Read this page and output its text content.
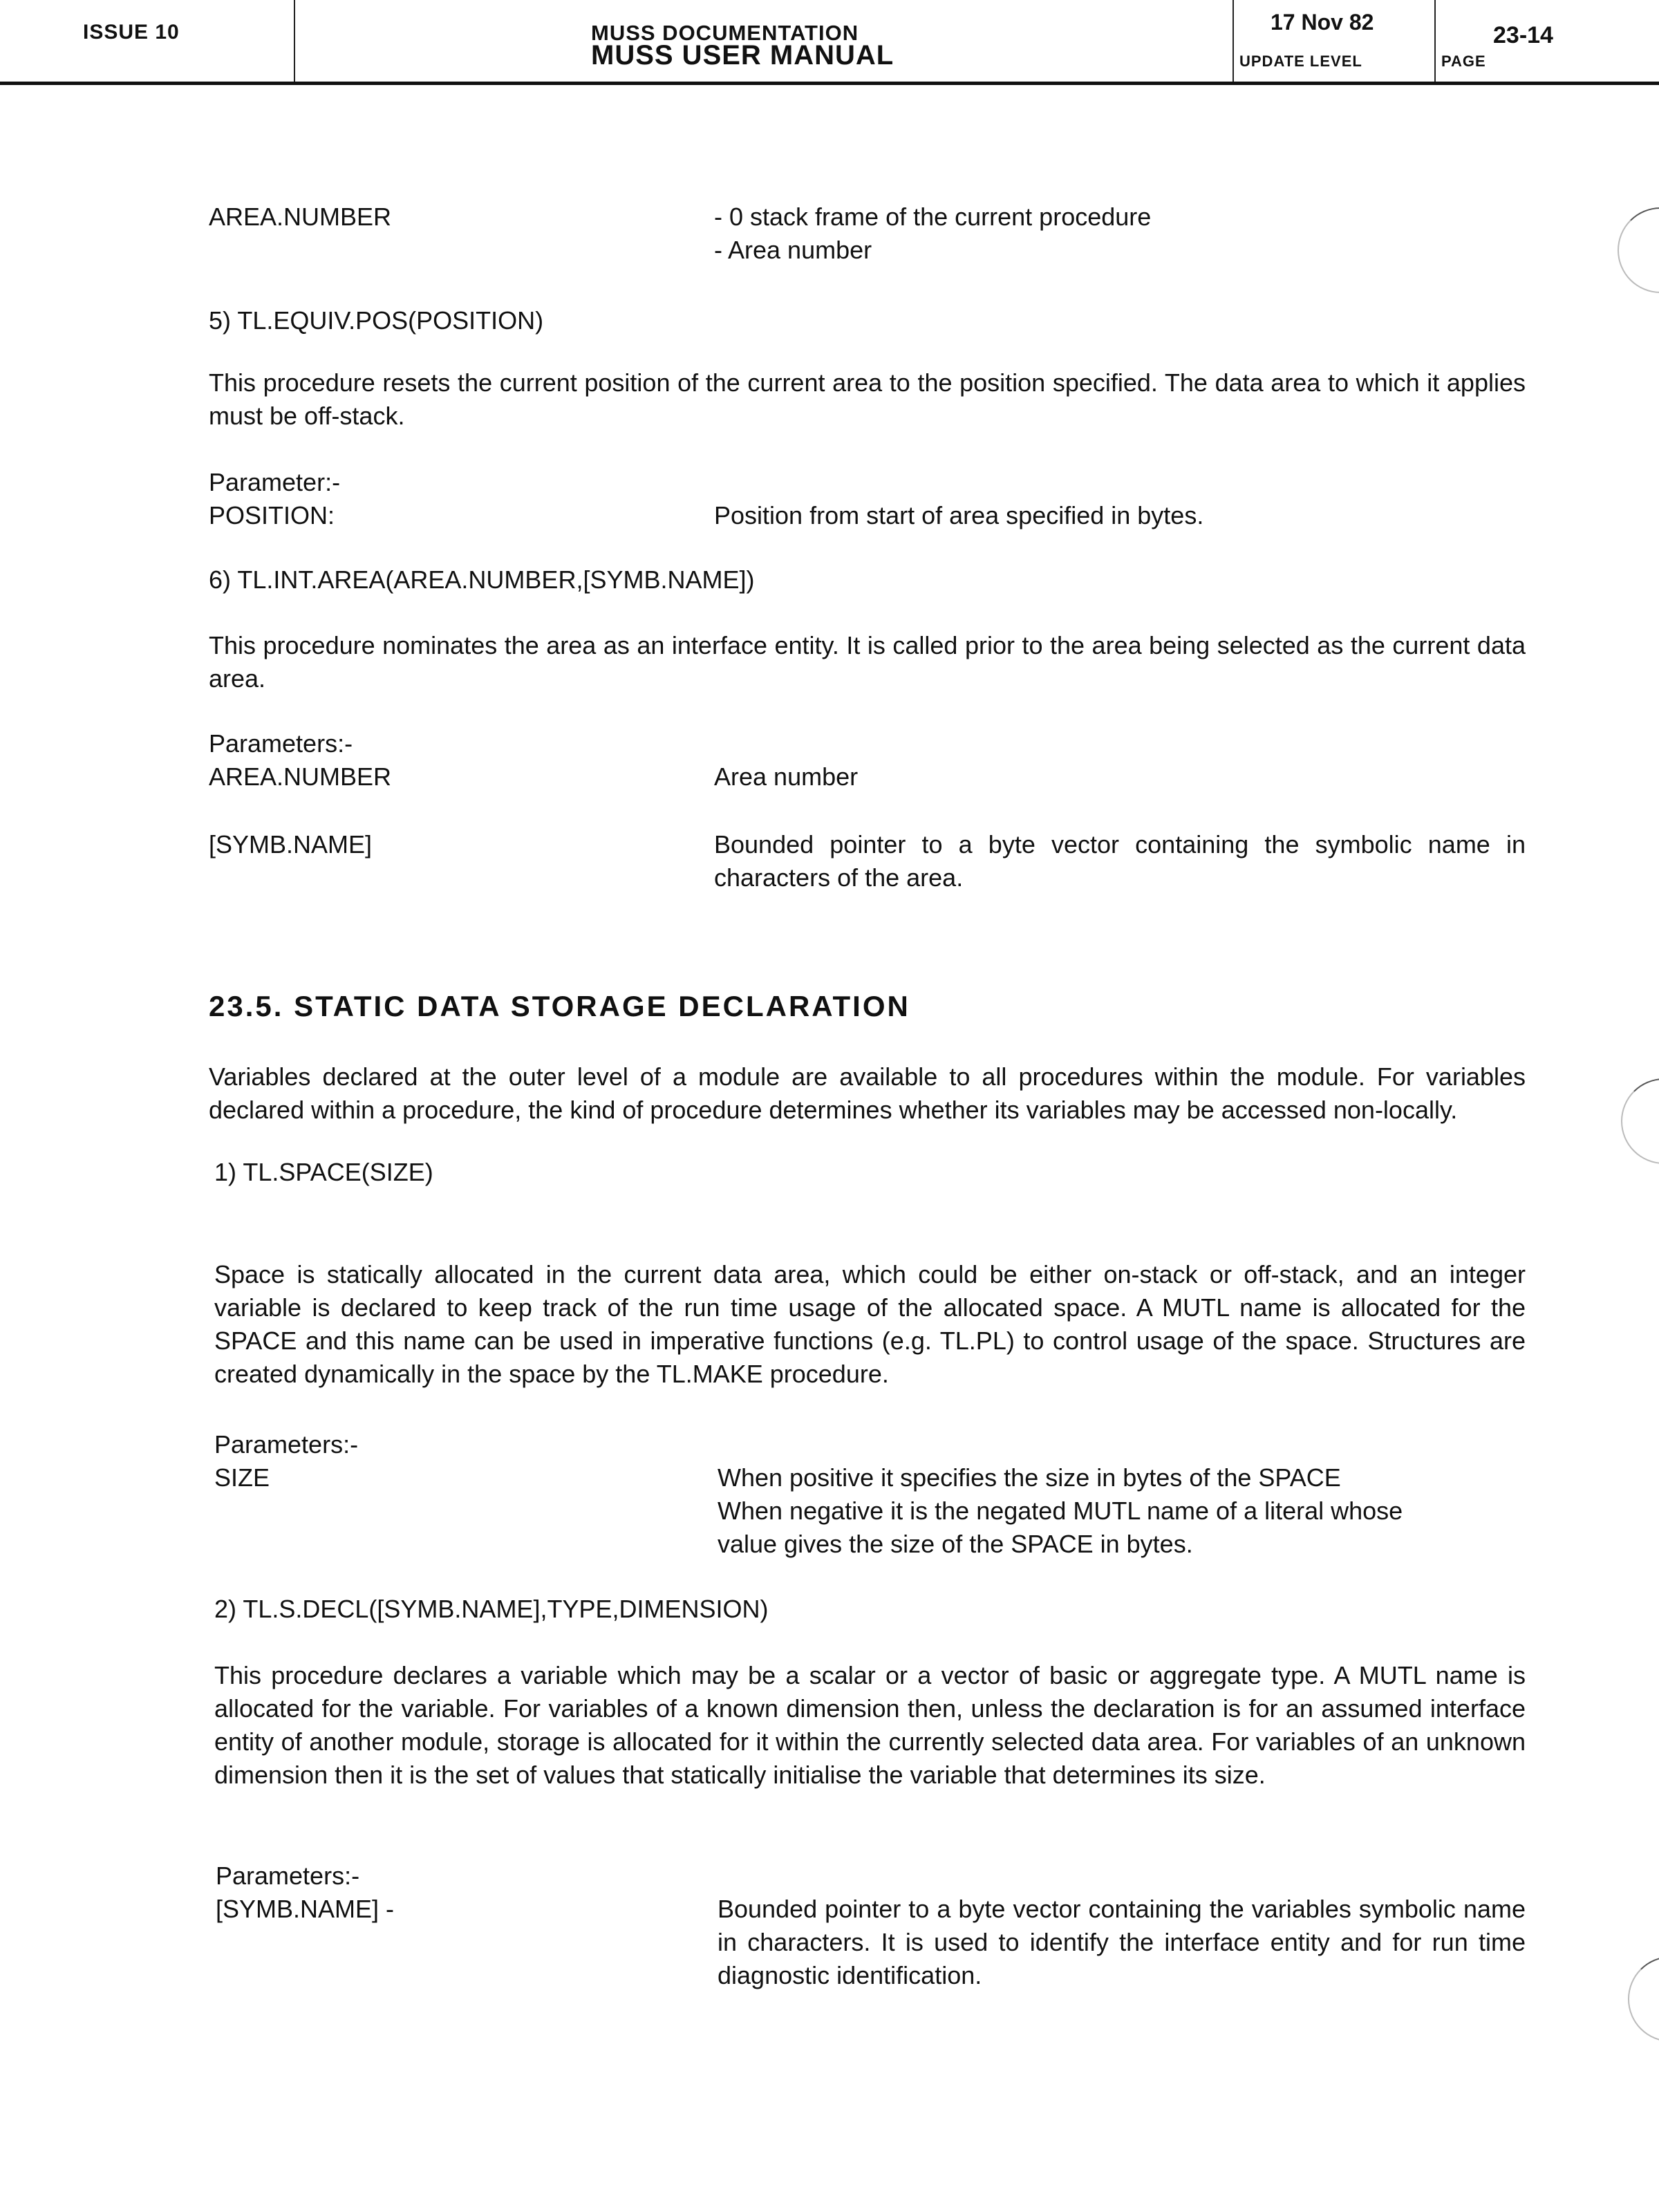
ISSUE 10	MUSS DOCUMENTATION
MUSS USER MANUAL
17 Nov 82
UPDATE LEVEL
23-14
PAGE
AREA.NUMBER	- 0 stack frame of the current procedure
- Area number
5) TL.EQUIV.POS(POSITION)
This procedure resets the current position of the current area to the position specified. The data area to which it applies must be off-stack.
Parameter:-
POSITION:	Position from start of area specified in bytes.
6) TL.INT.AREA(AREA.NUMBER,[SYMB.NAME])
This procedure nominates the area as an interface entity. It is called prior to the area being selected as the current data area.
Parameters:-
AREA.NUMBER	Area number
[SYMB.NAME]	Bounded pointer to a byte vector containing the symbolic name in characters of the area.
23.5. STATIC DATA STORAGE DECLARATION
Variables declared at the outer level of a module are available to all procedures within the module. For variables declared within a procedure, the kind of procedure determines whether its variables may be accessed non-locally.
1) TL.SPACE(SIZE)
Space is statically allocated in the current data area, which could be either on-stack or off-stack, and an integer variable is declared to keep track of the run time usage of the allocated space. A MUTL name is allocated for the SPACE and this name can be used in imperative functions (e.g. TL.PL) to control usage of the space. Structures are created dynamically in the space by the TL.MAKE procedure.
Parameters:-
SIZE	When positive it specifies the size in bytes of the SPACE
When negative it is the negated MUTL name of a literal whose
value gives the size of the SPACE in bytes.
2) TL.S.DECL([SYMB.NAME],TYPE,DIMENSION)
This procedure declares a variable which may be a scalar or a vector of basic or aggregate type. A MUTL name is allocated for the variable. For variables of a known dimension then, unless the declaration is for an assumed interface entity of another module, storage is allocated for it within the currently selected data area. For variables of an unknown dimension then it is the set of values that statically initialise the variable that determines its size.
Parameters:-
[SYMB.NAME] -	Bounded pointer to a byte vector containing the variables symbolic name in characters. It is used to identify the interface entity and for run time diagnostic identification.
